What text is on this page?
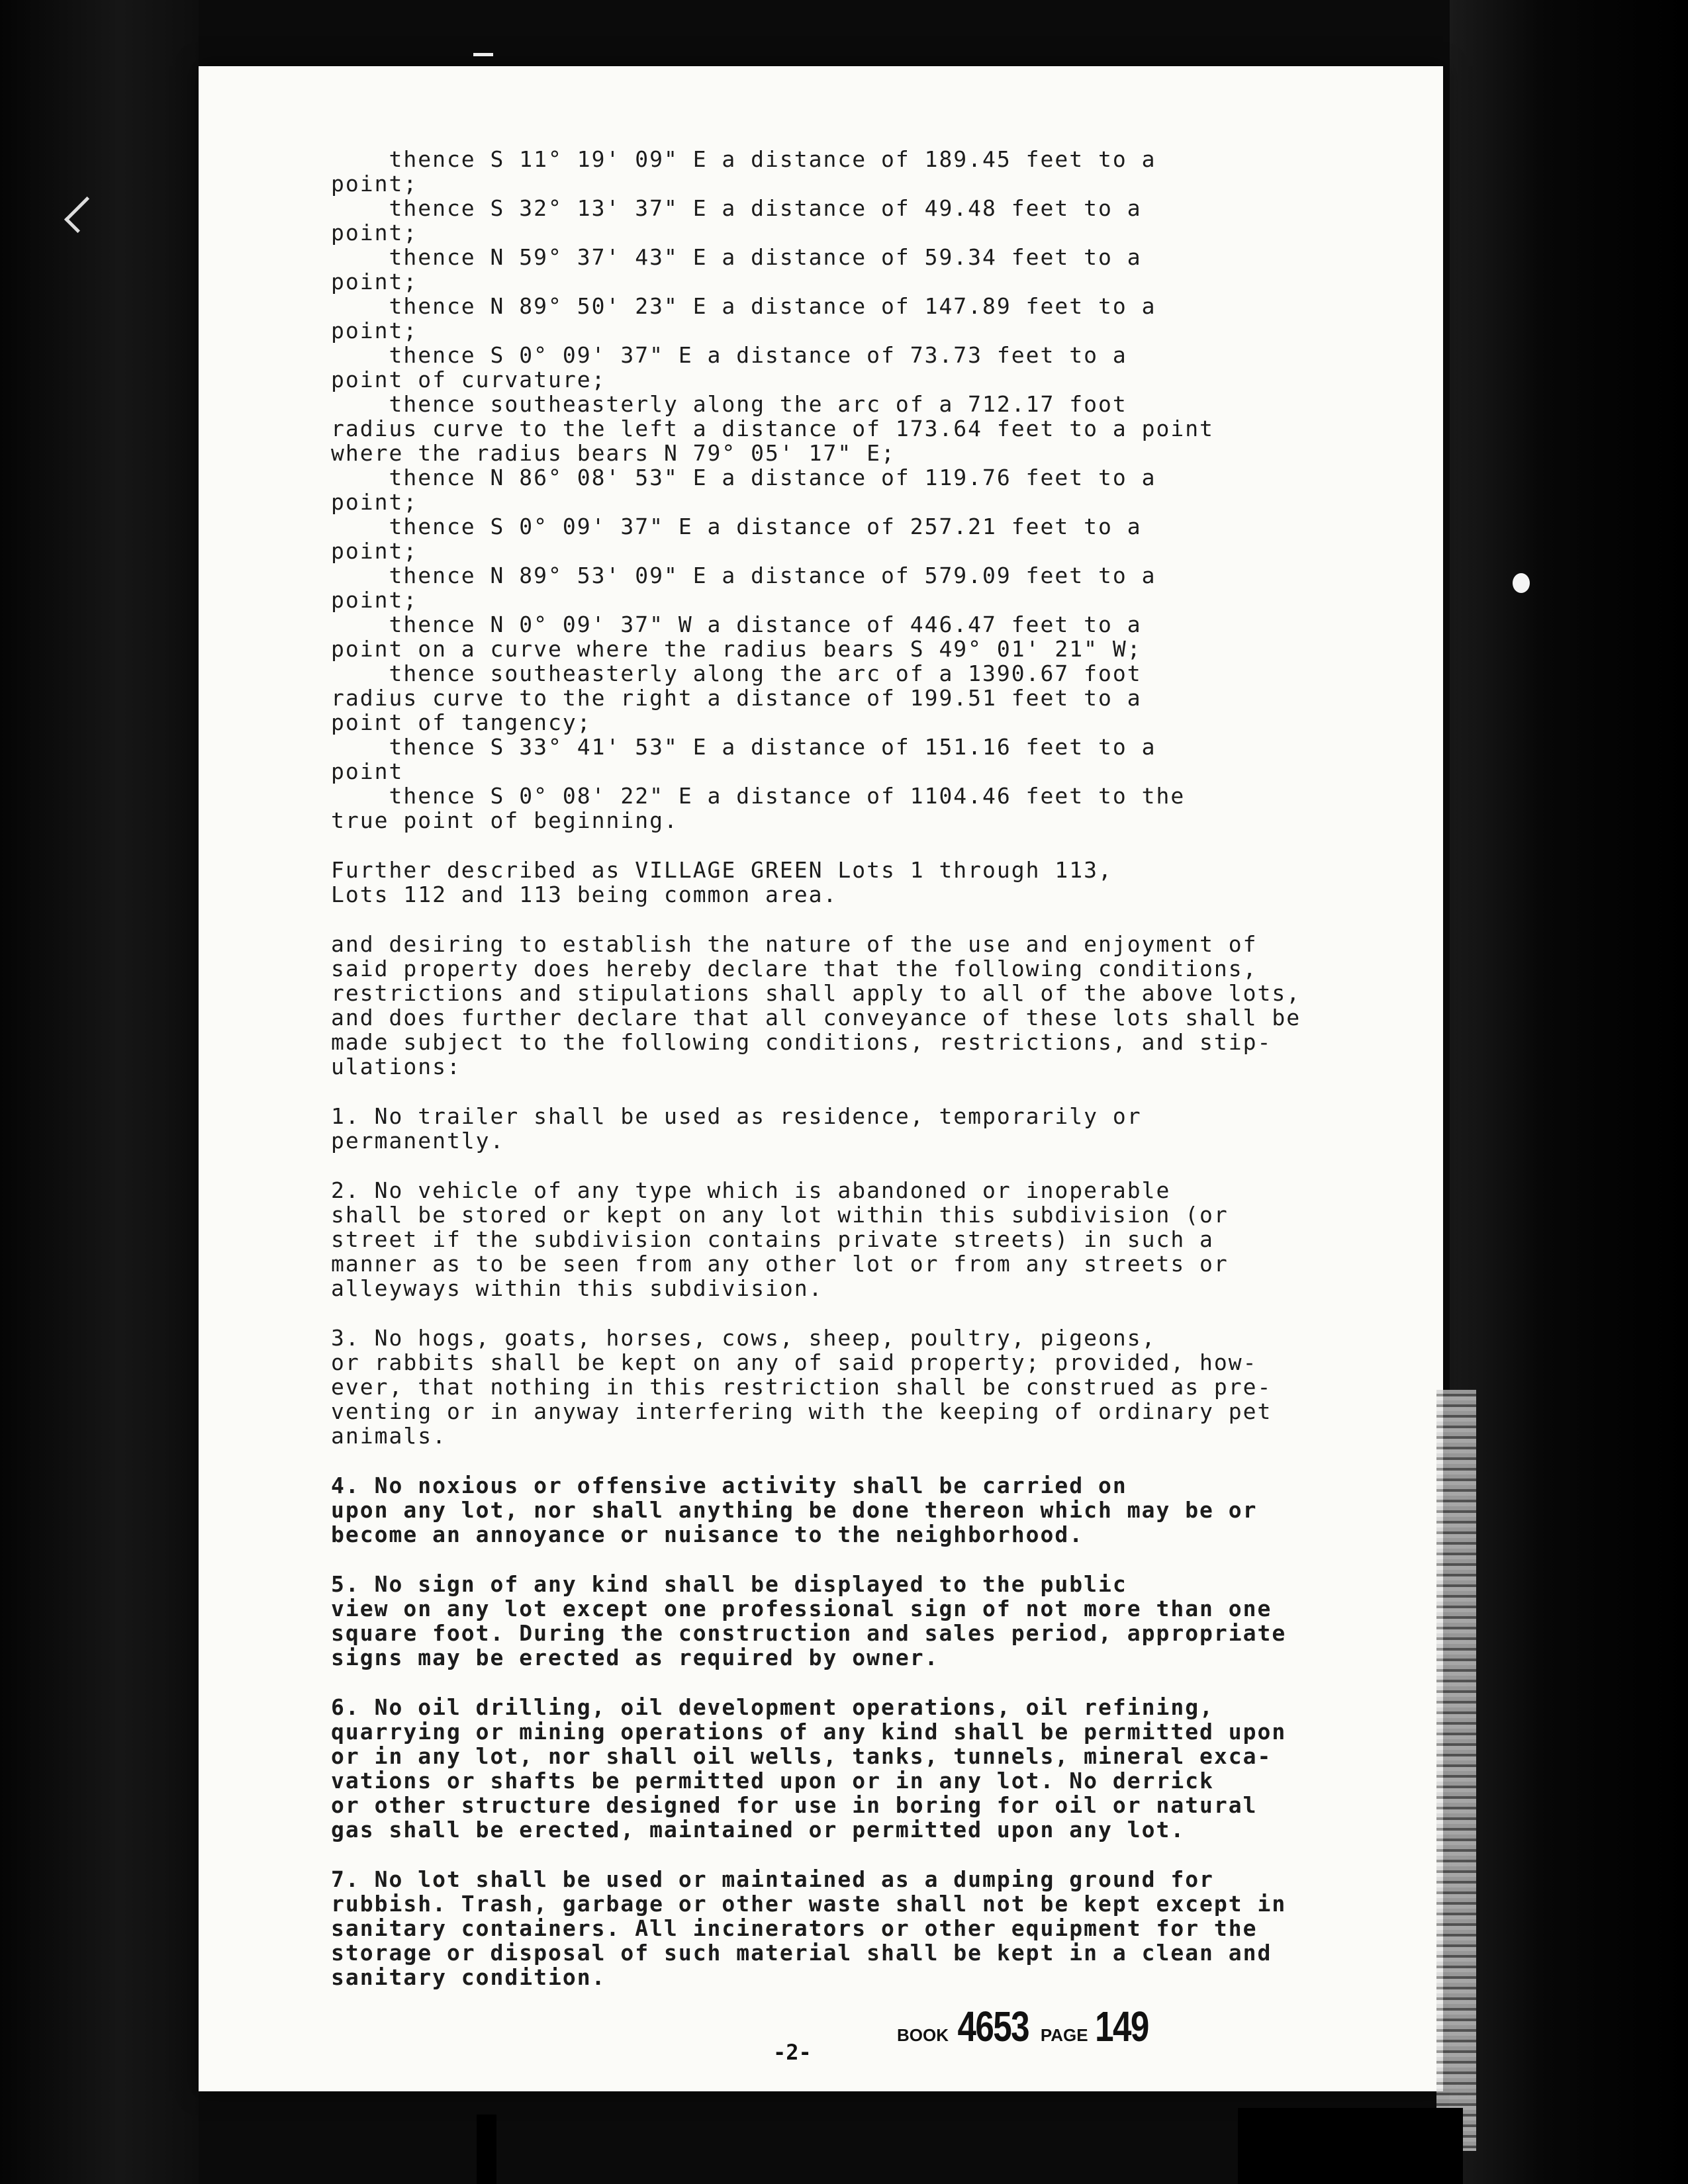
thence S 11° 19' 09" E a distance of 189.45 feet to a
point;
thence S 32° 13' 37" E a distance of 49.48 feet to a
point;
thence N 59° 37' 43" E a distance of 59.34 feet to a
point;
thence N 89° 50' 23" E a distance of 147.89 feet to a
point;
thence S 0° 09' 37" E a distance of 73.73 feet to a
point of curvature;
thence southeasterly along the arc of a 712.17 foot
radius curve to the left a distance of 173.64 feet to a point
where the radius bears N 79° 05' 17" E;
thence N 86° 08' 53" E a distance of 119.76 feet to a
point;
thence S 0° 09' 37" E a distance of 257.21 feet to a
point;
thence N 89° 53' 09" E a distance of 579.09 feet to a
point;
thence N 0° 09' 37" W a distance of 446.47 feet to a
point on a curve where the radius bears S 49° 01' 21" W;
thence southeasterly along the arc of a 1390.67 foot
radius curve to the right a distance of 199.51 feet to a
point of tangency;
thence S 33° 41' 53" E a distance of 151.16 feet to a
point
thence S 0° 08' 22" E a distance of 1104.46 feet to the
true point of beginning.
Further described as VILLAGE GREEN Lots 1 through 113,
Lots 112 and 113 being common area.
and desiring to establish the nature of the use and enjoyment of
said property does hereby declare that the following conditions,
restrictions and stipulations shall apply to all of the above lots,
and does further declare that all conveyance of these lots shall be
made subject to the following conditions, restrictions, and stip-
ulations:
1. No trailer shall be used as residence, temporarily or
permanently.
2. No vehicle of any type which is abandoned or inoperable
shall be stored or kept on any lot within this subdivision (or
street if the subdivision contains private streets) in such a
manner as to be seen from any other lot or from any streets or
alleyways within this subdivision.
3. No hogs, goats, horses, cows, sheep, poultry, pigeons,
or rabbits shall be kept on any of said property; provided, how-
ever, that nothing in this restriction shall be construed as pre-
venting or in anyway interfering with the keeping of ordinary pet
animals.
4. No noxious or offensive activity shall be carried on
upon any lot, nor shall anything be done thereon which may be or
become an annoyance or nuisance to the neighborhood.
5. No sign of any kind shall be displayed to the public
view on any lot except one professional sign of not more than one
square foot. During the construction and sales period, appropriate
signs may be erected as required by owner.
6. No oil drilling, oil development operations, oil refining,
quarrying or mining operations of any kind shall be permitted upon
or in any lot, nor shall oil wells, tanks, tunnels, mineral exca-
vations or shafts be permitted upon or in any lot. No derrick
or other structure designed for use in boring for oil or natural
gas shall be erected, maintained or permitted upon any lot.
7. No lot shall be used or maintained as a dumping ground for
rubbish. Trash, garbage or other waste shall not be kept except in
sanitary containers. All incinerators or other equipment for the
storage or disposal of such material shall be kept in a clean and
sanitary condition.
-2-
BOOK 4653 PAGE 149
